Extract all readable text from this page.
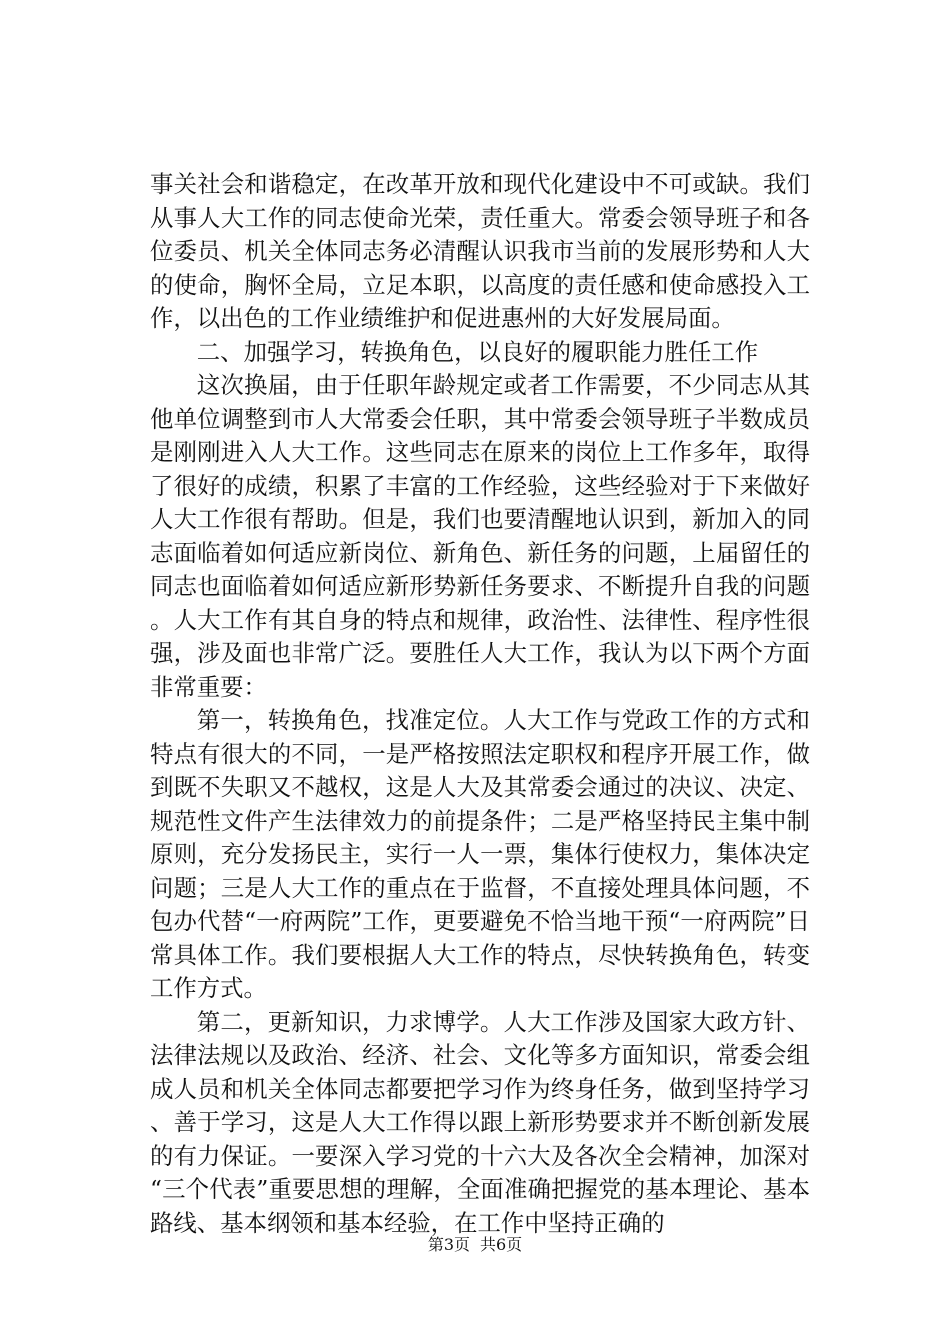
事关社会和谐稳定，在改革开放和现代化建设中不可或缺。我们从事人大工作的同志使命光荣，责任重大。常委会领导班子和各位委员、机关全体同志务必清醒认识我市当前的发展形势和人大的使命，胸怀全局，立足本职，以高度的责任感和使命感投入工作，以出色的工作业绩维护和促进惠州的大好发展局面。

二、加强学习，转换角色，以良好的履职能力胜任工作

这次换届，由于任职年龄规定或者工作需要，不少同志从其他单位调整到市人大常委会任职，其中常委会领导班子半数成员是刚刚进入人大工作。这些同志在原来的岗位上工作多年，取得了很好的成绩，积累了丰富的工作经验，这些经验对于下来做好人大工作很有帮助。但是，我们也要清醒地认识到，新加入的同志面临着如何适应新岗位、新角色、新任务的问题，上届留任的同志也面临着如何适应新形势新任务要求、不断提升自我的问题。人大工作有其自身的特点和规律，政治性、法律性、程序性很强，涉及面也非常广泛。要胜任人大工作，我认为以下两个方面非常重要：

第一，转换角色，找准定位。人大工作与党政工作的方式和特点有很大的不同，一是严格按照法定职权和程序开展工作，做到既不失职又不越权，这是人大及其常委会通过的决议、决定、规范性文件产生法律效力的前提条件；二是严格坚持民主集中制原则，充分发扬民主，实行一人一票，集体行使权力，集体决定问题；三是人大工作的重点在于监督，不直接处理具体问题，不包办代替“一府两院”工作，更要避免不恰当地干预“一府两院”日常具体工作。我们要根据人大工作的特点，尽快转换角色，转变工作方式。

第二，更新知识，力求博学。人大工作涉及国家大政方针、法律法规以及政治、经济、社会、文化等多方面知识，常委会组成人员和机关全体同志都要把学习作为终身任务，做到坚持学习、善于学习，这是人大工作得以跟上新形势要求并不断创新发展的有力保证。一要深入学习党的十六大及各次全会精神，加深对“三个代表”重要思想的理解，全面准确把握党的基本理论、基本路线、基本纲领和基本经验，在工作中坚持正确的

第3页 共6页
